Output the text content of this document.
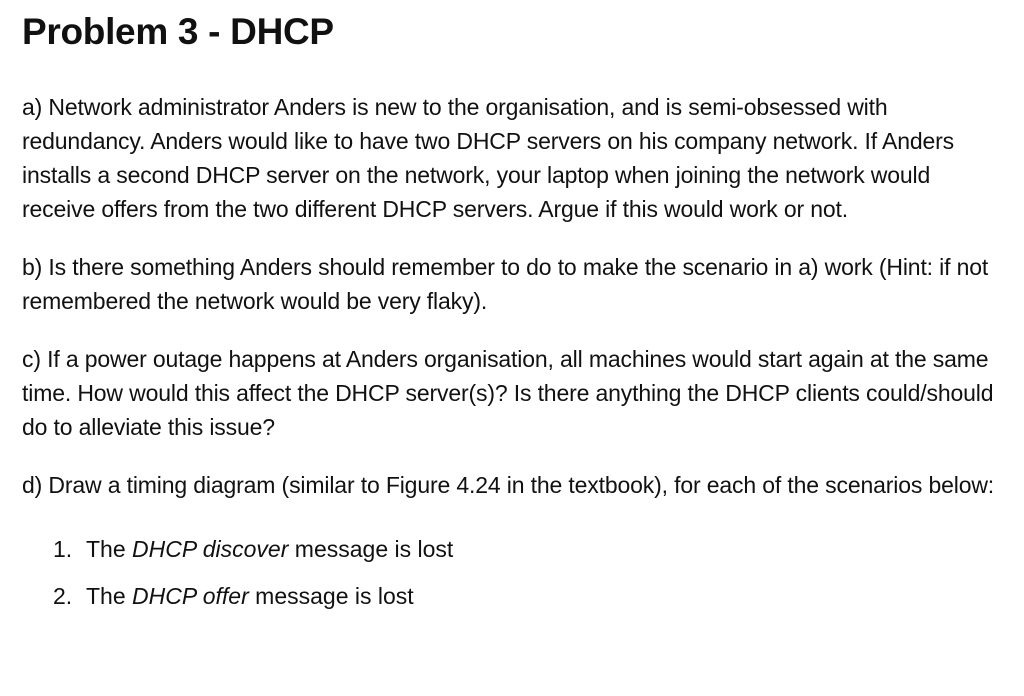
Problem 3 - DHCP

a) Network administrator Anders is new to the organisation, and is semi-obsessed with redundancy. Anders would like to have two DHCP servers on his company network. If Anders installs a second DHCP server on the network, your laptop when joining the network would receive offers from the two different DHCP servers. Argue if this would work or not.

b) Is there something Anders should remember to do to make the scenario in a) work (Hint: if not remembered the network would be very flaky).

c) If a power outage happens at Anders organisation, all machines would start again at the same time. How would this affect the DHCP server(s)? Is there anything the DHCP clients could/should do to alleviate this issue?

d) Draw a timing diagram (similar to Figure 4.24 in the textbook), for each of the scenarios below:

1. The DHCP discover message is lost
2. The DHCP offer message is lost
